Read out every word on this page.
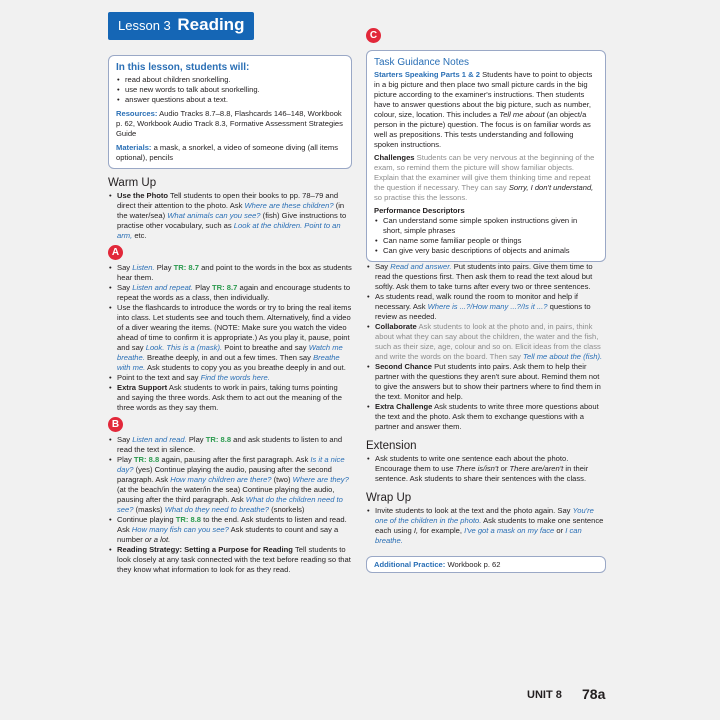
Lesson 3 Reading
In this lesson, students will:
• read about children snorkelling.
• use new words to talk about snorkelling.
• answer questions about a text.
Resources: Audio Tracks 8.7–8.8, Flashcards 146–148, Workbook p. 62, Workbook Audio Track 8.3, Formative Assessment Strategies Guide
Materials: a mask, a snorkel, a video of someone diving (all items optional), pencils
Warm Up
• Use the Photo Tell students to open their books to pp. 78–79 and direct their attention to the photo. Ask Where are these children? (in the water/sea) What animals can you see? (fish) Give instructions to practise other vocabulary, such as Look at the children. Point to an arm, etc.
A
• Say Listen. Play TR: 8.7 and point to the words in the box as students hear them.
• Say Listen and repeat. Play TR: 8.7 again and encourage students to repeat the words as a class, then individually.
• Use the flashcards to introduce the words or try to bring the real items into class. Let students see and touch them. Alternatively, find a video of a diver wearing the items. (NOTE: Make sure you watch the video ahead of time to confirm it is appropriate.) As you play it, pause, point and say Look. This is a (mask). Point to breathe and say Watch me breathe. Breathe deeply, in and out a few times. Then say Breathe with me. Ask students to copy you as you breathe deeply in and out.
• Point to the text and say Find the words here.
• Extra Support Ask students to work in pairs, taking turns pointing and saying the three words. Ask them to act out the meaning of the three words as they say them.
B
• Say Listen and read. Play TR: 8.8 and ask students to listen to and read the text in silence.
• Play TR: 8.8 again, pausing after the first paragraph. Ask Is it a nice day? (yes) Continue playing the audio, pausing after the second paragraph. Ask How many children are there? (two) Where are they? (at the beach/in the water/in the sea) Continue playing the audio, pausing after the third paragraph. Ask What do the children need to see? (masks) What do they need to breathe? (snorkels)
• Continue playing TR: 8.8 to the end. Ask students to listen and read. Ask How many fish can you see? Ask students to count and say a number or a lot.
• Reading Strategy: Setting a Purpose for Reading Tell students to look closely at any task connected with the text before reading so that they know what information to look for as they read.
C
Task Guidance Notes
Starters Speaking Parts 1 & 2 Students have to point to objects in a big picture and then place two small picture cards in the big picture according to the examiner's instructions. Then students have to answer questions about the big picture, such as number, colour, size, location. This includes a Tell me about (an object/a person in the picture) question. The focus is on familiar words as well as prepositions. This tests understanding and following spoken instructions.
Challenges Students can be very nervous at the beginning of the exam, so remind them the picture will show familiar objects. Explain that the examiner will give them thinking time and repeat the question if necessary. They can say Sorry, I don't understand, so practise this the lessons.
Performance Descriptors
• Can understand some simple spoken instructions given in short, simple phrases
• Can name some familiar people or things
• Can give very basic descriptions of objects and animals
• Say Read and answer. Put students into pairs. Give them time to read the questions first. Then ask them to read the text aloud but softly. Ask them to take turns after every two or three sentences.
• As students read, walk round the room to monitor and help if necessary. Ask Where is ...?/How many ...?/Is it ...? questions to review as needed.
• Collaborate Ask students to look at the photo and, in pairs, think about what they can say about the children, the water and the fish, such as their size, age, colour and so on. Elicit ideas from the class and write the words on the board. Then say Tell me about the (fish).
• Second Chance Put students into pairs. Ask them to help their partner with the questions they aren't sure about. Remind them not to give the answers but to show their partners where to find them in the text. Monitor and help.
• Extra Challenge Ask students to write three more questions about the text and the photo. Ask them to exchange questions with a partner and answer them.
Extension
• Ask students to write one sentence each about the photo. Encourage them to use There is/isn't or There are/aren't in their sentence. Ask students to share their sentences with the class.
Wrap Up
• Invite students to look at the text and the photo again. Say You're one of the children in the photo. Ask students to make one sentence each using I, for example, I've got a mask on my face or I can breathe.
Additional Practice: Workbook p. 62
UNIT 8 78a
